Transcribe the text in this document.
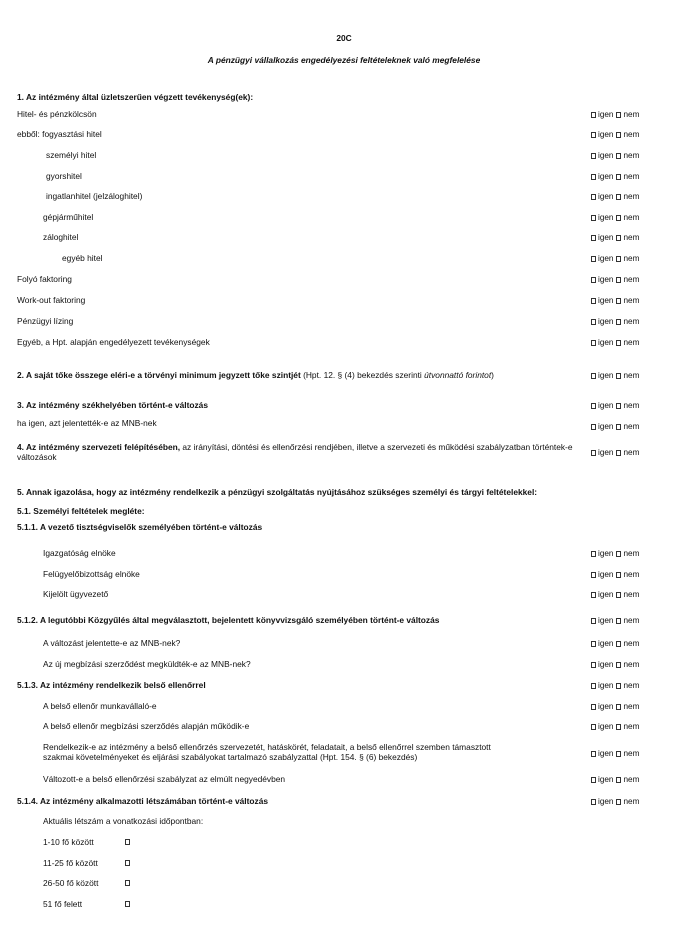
20C
A pénzügyi vállalkozás engedélyezési feltételeknek való megfelelése
1. Az intézmény által üzletszerűen végzett tevékenység(ek):
Hitel- és pénzkölcsön	igen nem
ebből: fogyasztási hitel	igen nem
személyi hitel	igen nem
gyorshitel	igen nem
ingatlanhitel (jelzáloghitel)	igen nem
gépjárműhitel	igen nem
záloghitel	igen nem
egyéb hitel	igen nem
Folyó faktoring	igen nem
Work-out faktoring	igen nem
Pénzügyi lízing	igen nem
Egyéb, a Hpt. alapján engedélyezett tevékenységek	igen nem
2. A saját tőke összege eléri-e a törvényi minimum jegyzett tőke szintjét (Hpt. 12. § (4) bekezdés szerinti útvonnattó forintot)	igen nem
3. Az intézmény székhelyében történt-e változás	igen nem
ha igen, azt jelentették-e az MNB-nek	igen nem
4. Az intézmény szervezeti felépítésében, az irányítási, döntési és ellenőrzési rendjében, illetve a szervezeti és működési szabályzatban történtek-e változások	igen nem
5. Annak igazolása, hogy az intézmény rendelkezik a pénzügyi szolgáltatás nyújtásához szükséges személyi és tárgyi feltételekkel:
5.1. Személyi feltételek megléte:
5.1.1. A vezető tisztségviselők személyében történt-e változás
Igazgatóság elnöke	igen nem
Felügyelőbizottság elnöke	igen nem
Kijelölt ügyvezető	igen nem
5.1.2. A legutóbbi Közgyűlés által megválasztott, bejelentett könyvvizsgáló személyében történt-e változás	igen nem
A változást jelentette-e az MNB-nek?	igen nem
Az új megbízási szerződést megküldték-e az MNB-nek?	igen nem
5.1.3. Az intézmény rendelkezik belső ellenőrrel	igen nem
A belső ellenőr munkavállaló-e	igen nem
A belső ellenőr megbízási szerződés alapján működik-e	igen nem
Rendelkezik-e az intézmény a belső ellenőrzés szervezetét, hatáskörét, feladatait, a belső ellenőrrel szemben támasztott
szakmai követelményeket és eljárási szabályokat tartalmazó szabályzattal (Hpt. 154. § (6) bekezdés)	igen nem
Változott-e a belső ellenőrzési szabályzat az elmúlt negyedévben	igen nem
5.1.4. Az intézmény alkalmazotti létszámában történt-e változás	igen nem
Aktuális létszám a vonatkozási időpontban:
1-10 fő között
11-25 fő között
26-50 fő között
51 fő felett
